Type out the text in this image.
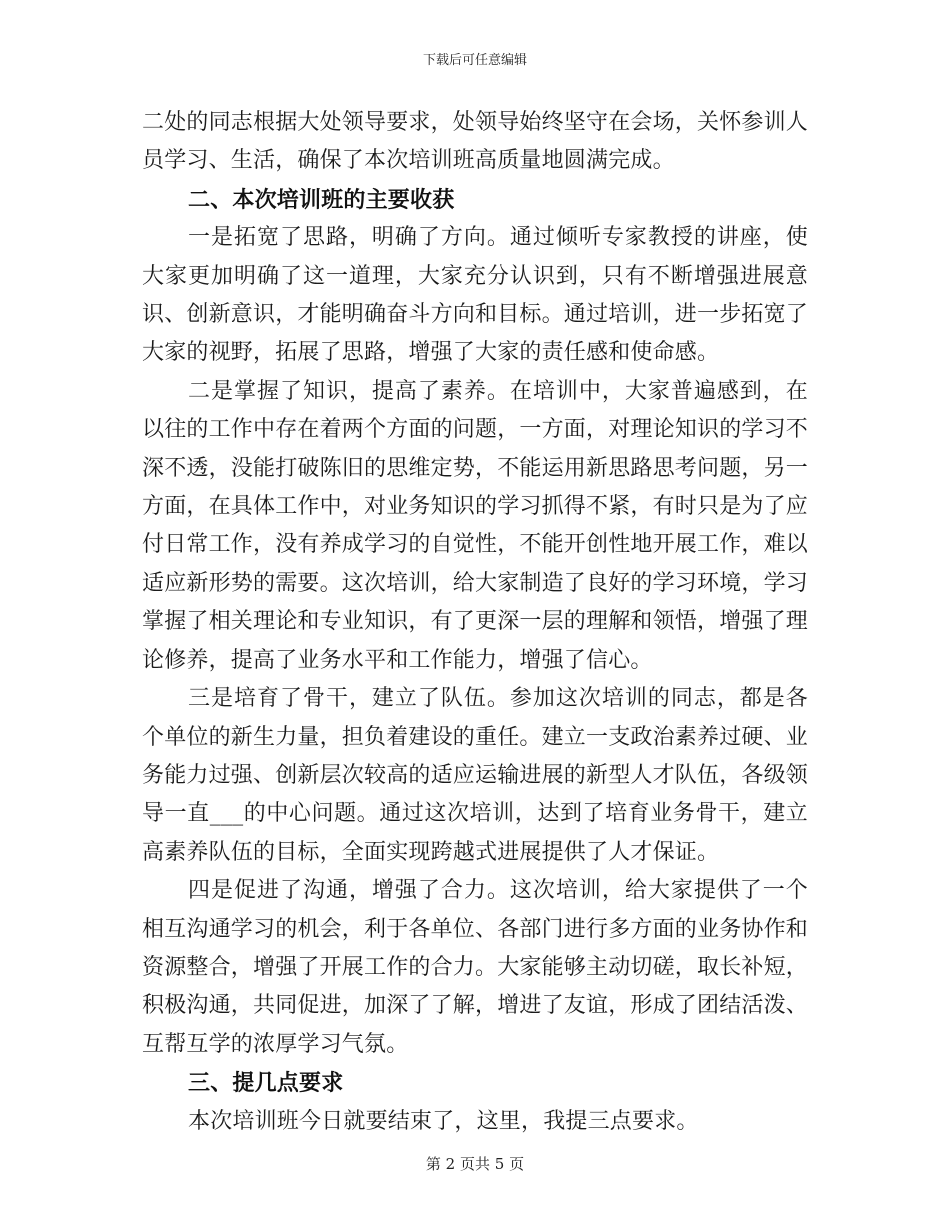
下载后可任意编辑

二处的同志根据大处领导要求，处领导始终坚守在会场，关怀参训人员学习、生活，确保了本次培训班高质量地圆满完成。

二、本次培训班的主要收获

一是拓宽了思路，明确了方向。通过倾听专家教授的讲座，使大家更加明确了这一道理，大家充分认识到，只有不断增强进展意识、创新意识，才能明确奋斗方向和目标。通过培训，进一步拓宽了大家的视野，拓展了思路，增强了大家的责任感和使命感。

二是掌握了知识，提高了素养。在培训中，大家普遍感到，在以往的工作中存在着两个方面的问题，一方面，对理论知识的学习不深不透，没能打破陈旧的思维定势，不能运用新思路思考问题，另一方面，在具体工作中，对业务知识的学习抓得不紧，有时只是为了应付日常工作，没有养成学习的自觉性，不能开创性地开展工作，难以适应新形势的需要。这次培训，给大家制造了良好的学习环境，学习掌握了相关理论和专业知识，有了更深一层的理解和领悟，增强了理论修养，提高了业务水平和工作能力，增强了信心。

三是培育了骨干，建立了队伍。参加这次培训的同志，都是各个单位的新生力量，担负着建设的重任。建立一支政治素养过硬、业务能力过强、创新层次较高的适应运输进展的新型人才队伍，各级领导一直___的中心问题。通过这次培训，达到了培育业务骨干，建立高素养队伍的目标，全面实现跨越式进展提供了人才保证。

四是促进了沟通，增强了合力。这次培训，给大家提供了一个相互沟通学习的机会，利于各单位、各部门进行多方面的业务协作和资源整合，增强了开展工作的合力。大家能够主动切磋，取长补短，积极沟通，共同促进，加深了了解，增进了友谊，形成了团结活泼、互帮互学的浓厚学习气氛。

三、提几点要求

本次培训班今日就要结束了，这里，我提三点要求。

第 2 页共 5 页
